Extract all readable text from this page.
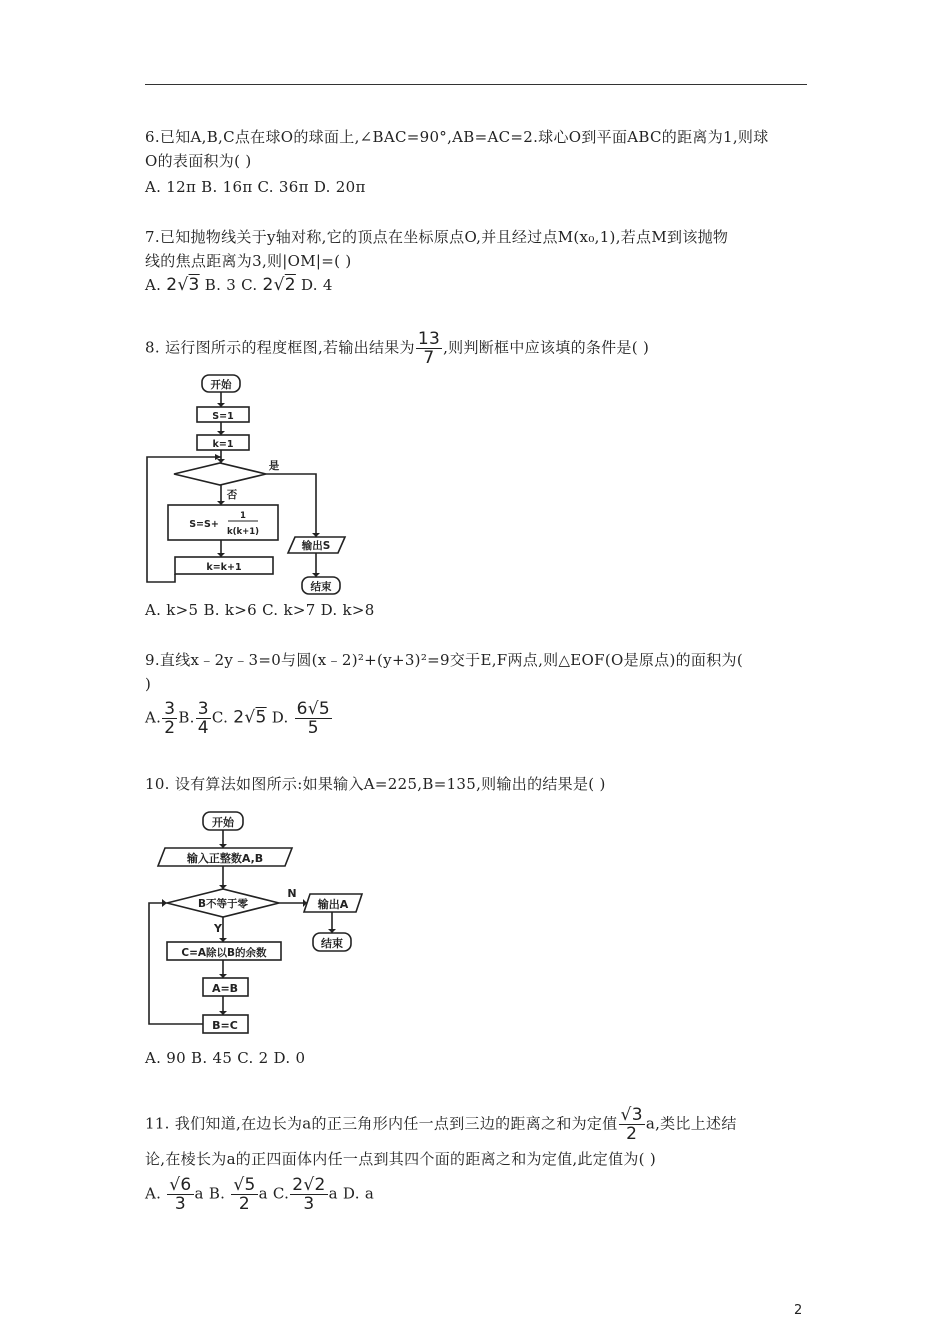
6.已知A,B,C点在球O的球面上,∠BAC=90°,AB=AC=2.球心O到平面ABC的距离为1,则球
O的表面积为( )
A. 12π B. 16π C. 36π D. 20π
7.已知抛物线关于y轴对称,它的顶点在坐标原点O,并且经过点M(x₀,1),若点M到该抛物
线的焦点距离为3,则|OM|=( )
A. 2√3 B. 3 C. 2√2 D. 4
8. 运行图所示的程度框图,若输出结果为 $\frac{13}{7}$ ,则判断框中应该填的条件是( )
开始
S=1
k=1
是
否
S=S+
1
k(k+1)
k=k+1
输出S
结束
A. k>5 B. k>6 C. k>7 D. k>8
9.直线x﹣2y﹣3=0与圆(x﹣2)²+(y+3)²=9交于E,F两点,则△EOF(O是原点)的面积为(
)
A. $\frac{3}{2} B$. $\frac{3}{4} C$. 2√5 D. $\frac{6√5}{5}$
10. 设有算法如图所示:如果输入A=225,B=135,则输出的结果是( )
开始
输入正整数A,B
B不等于零
N
Y
输出A
结束
C=A除以B的余数
A=B
B=C
A. 90 B. 45 C. 2 D. 0
11. 我们知道,在边长为a的正三角形内任一点到三边的距离之和为定值 $\frac{√3}{2} a$,类比上述结
论,在棱长为a的正四面体内任一点到其四个面的距离之和为定值,此定值为( )
A. $\frac{√6}{3}$ a B. $\frac{√5}{2}$ a C. $\frac{2√2}{3}$ a D. a
2
